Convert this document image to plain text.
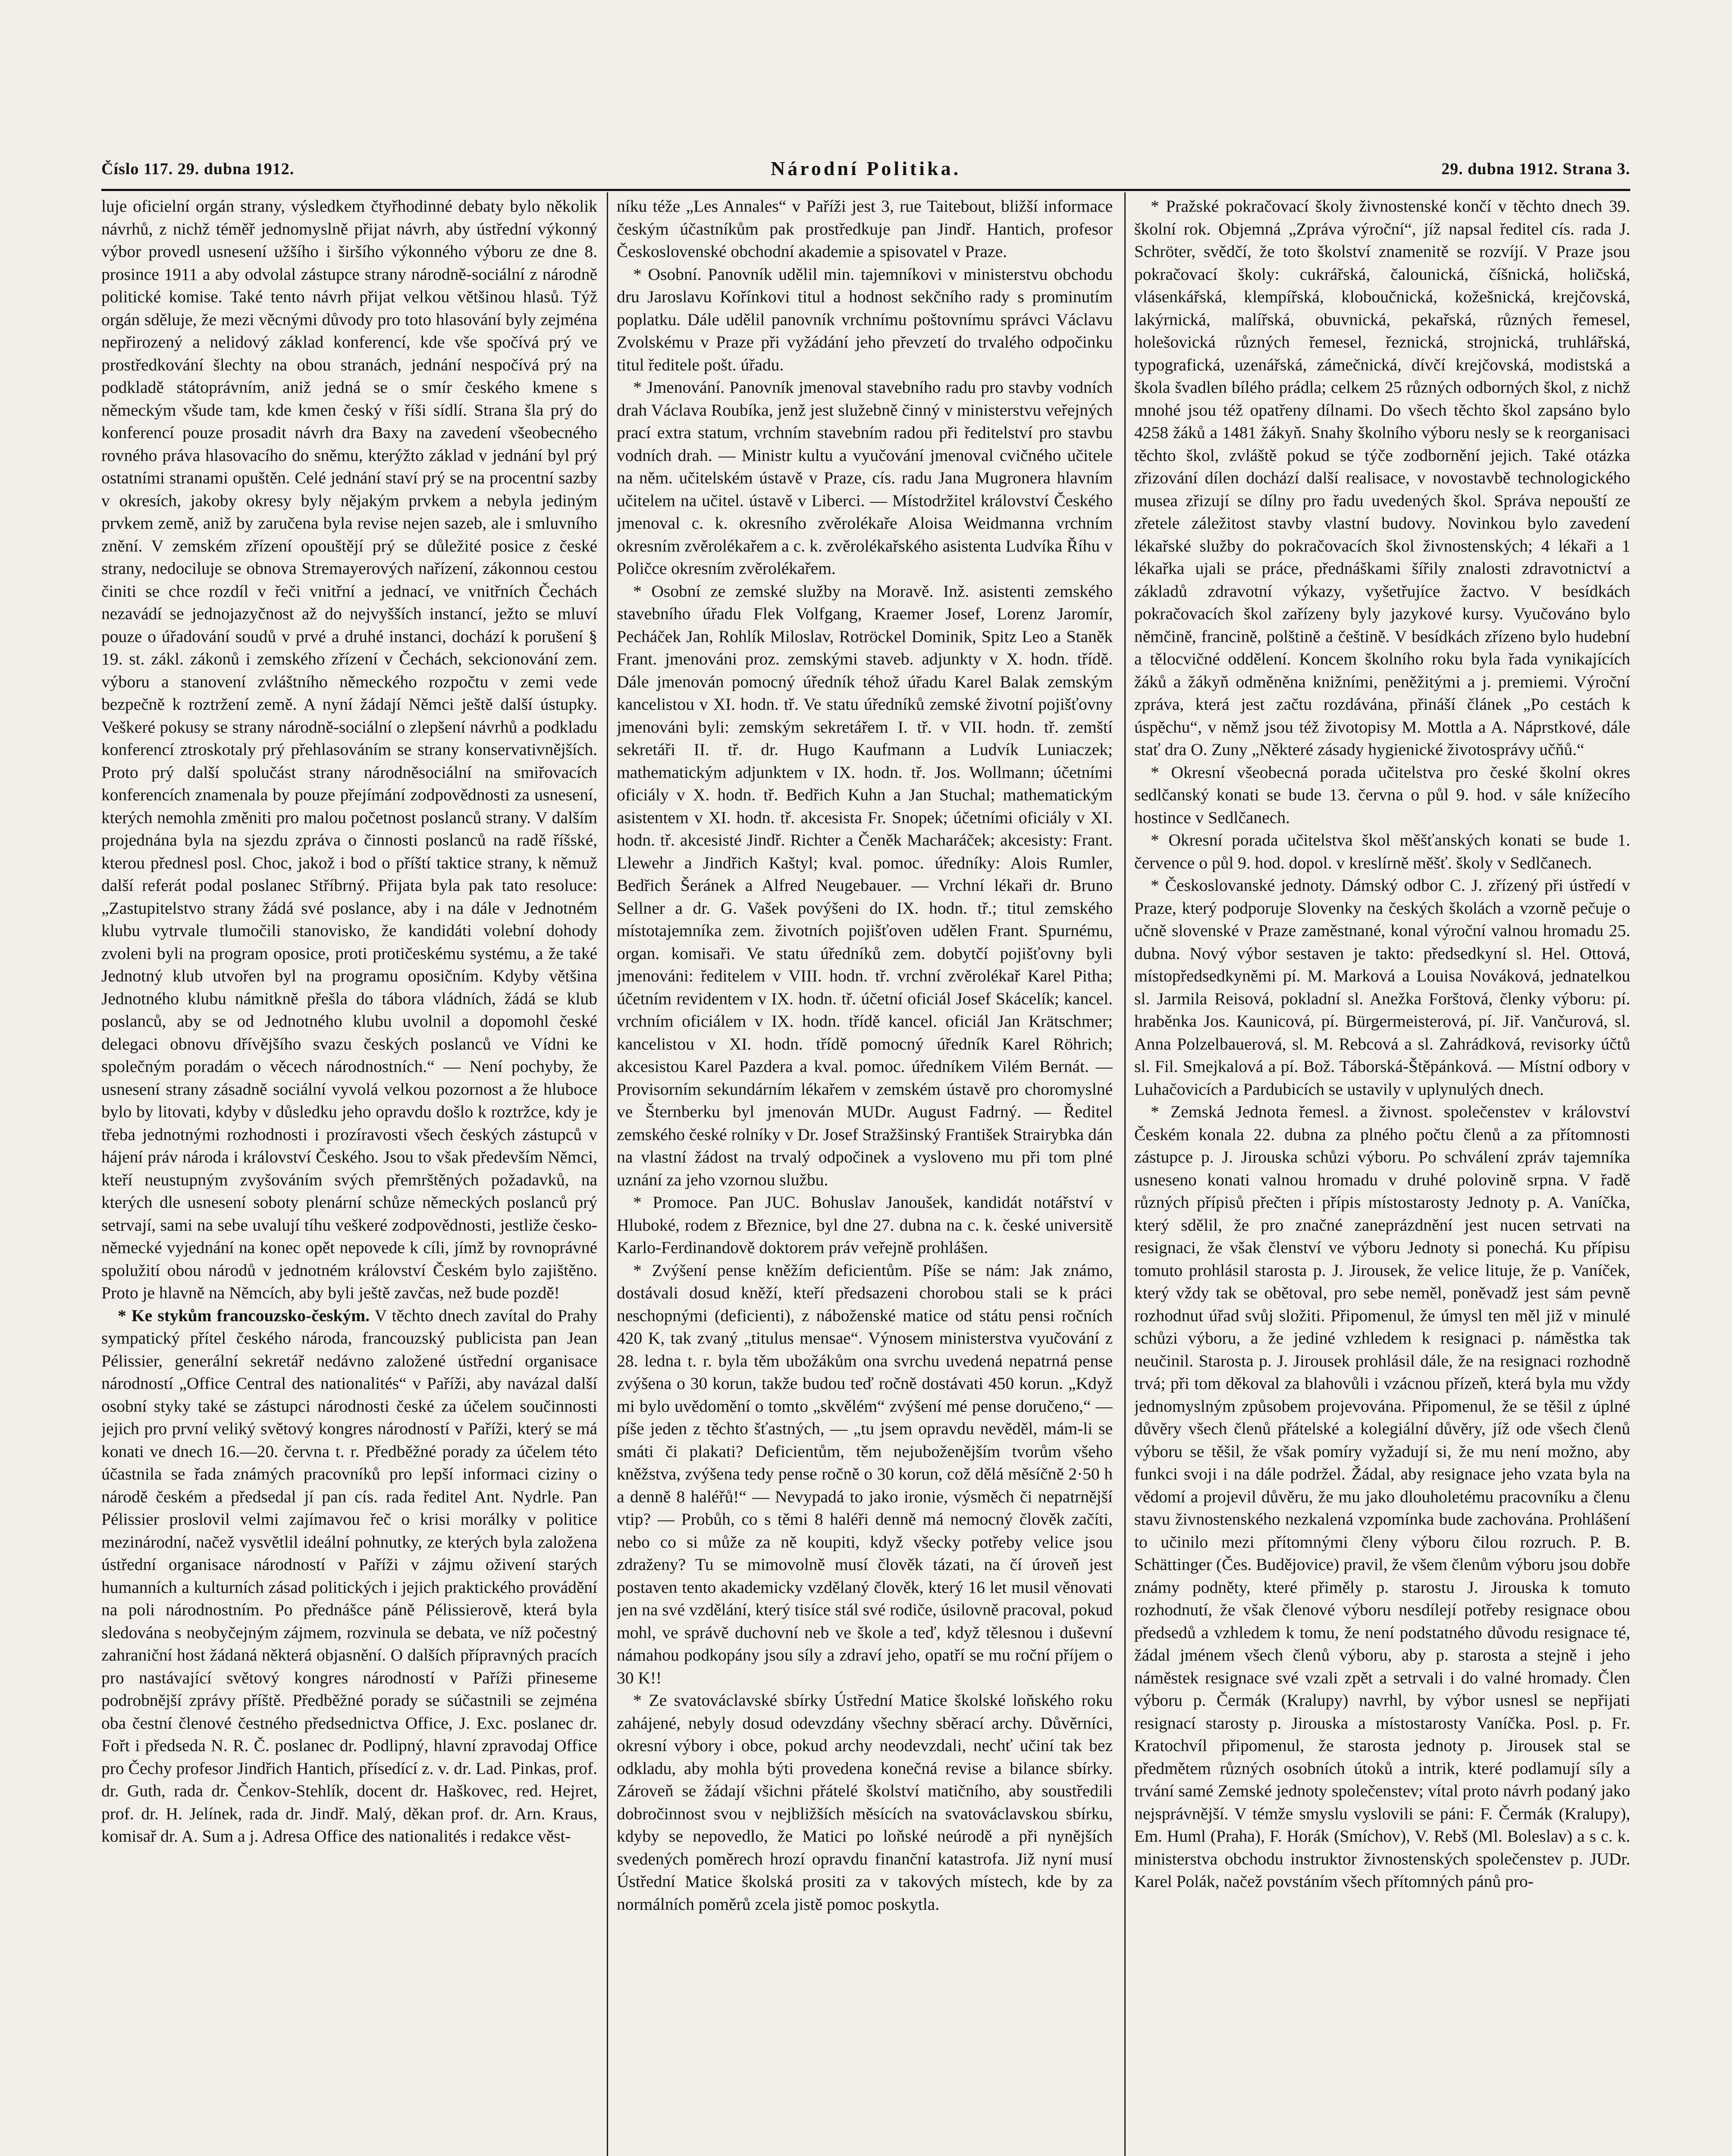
Číslo 117. 29. dubna 1912.	Národní Politika.	29. dubna 1912. Strana 3.

luje oficielní orgán strany, výsledkem čtyřhodinné debaty bylo několik návrhů, z nichž téměř jednomyslně přijat návrh, aby ústřední výkonný výbor provedl usnesení užšího i širšího výkonného výboru ze dne 8. prosince 1911 a aby odvolal zástupce strany národně-sociální z národně politické komise. Také tento návrh přijat velkou většinou hlasů. Týž orgán sděluje, že mezi věcnými důvody pro toto hlasování byly zejména nepřirozený a nelidový základ konferencí, kde vše spočívá prý ve prostředkování šlechty na obou stranách, jednání nespočívá prý na podkladě státoprávním, aniž jedná se o smír českého kmene s německým všude tam, kde kmen český v říši sídlí. Strana šla prý do konferencí pouze prosadit návrh dra Baxy na zavedení všeobecného rovného práva hlasovacího do sněmu, kterýžto základ v jednání byl prý ostatními stranami opuštěn. Celé jednání staví prý se na procentní sazby v okresích, jakoby okresy byly nějakým prvkem a nebyla jediným prvkem země, aniž by zaručena byla revise nejen sazeb, ale i smluvního znění. V zemském zřízení opouštějí prý se důležité posice z české strany, nedociluje se obnova Stremayerových nařízení, zákonnou cestou činiti se chce rozdíl v řeči vnitřní a jednací, ve vnitřních Čechách nezavádí se jednojazyčnost až do nejvyšších instancí, ježto se mluví pouze o úřadování soudů v prvé a druhé instanci, dochází k porušení § 19. st. zákl. zákonů i zemského zřízení v Čechách, sekcionování zem. výboru a stanovení zvláštního německého rozpočtu v zemi vede bezpečně k roztržení země. A nyní žádají Němci ještě další ústupky. Veškeré pokusy se strany národně-sociální o zlepšení návrhů a podkladu konferencí ztroskotaly prý přehlasováním se strany konservativnějších. Proto prý další spolučást strany národněsociální na smiřovacích konferencích znamenala by pouze přejímání zodpovědnosti za usnesení, kterých nemohla změniti pro malou početnost poslanců strany. V dalším projednána byla na sjezdu zpráva o činnosti poslanců na radě říšské, kterou přednesl posl. Choc, jakož i bod o příští taktice strany, k němuž další referát podal poslanec Stříbrný. Přijata byla pak tato resoluce: „Zastupitelstvo strany žádá své poslance, aby i na dále v Jednotném klubu vytrvale tlumočili stanovisko, že kandidáti volební dohody zvoleni byli na program oposice, proti protičeskému systému, a že také Jednotný klub utvořen byl na programu oposičním. Kdyby většina Jednotného klubu námitkně přešla do tábora vládních, žádá se klub poslanců, aby se od Jednotného klubu uvolnil a dopomohl české delegaci obnovu dřívějšího svazu českých poslanců ve Vídni ke společným poradám o věcech národnostních.“ — Není pochyby, že usnesení strany zásadně sociální vyvolá velkou pozornost a že hluboce bylo by litovati, kdyby v důsledku jeho opravdu došlo k roztržce, kdy je třeba jednotnými rozhodnosti i prozíravosti všech českých zástupců v hájení práv národa i království Českého. Jsou to však především Němci, kteří neustupným zvyšováním svých přemrštěných požadavků, na kterých dle usnesení soboty plenární schůze německých poslanců prý setrvají, sami na sebe uvalují tíhu veškeré zodpovědnosti, jestliže česko-německé vyjednání na konec opět nepovede k cíli, jímž by rovnoprávné spolužití obou národů v jednotném království Českém bylo zajištěno. Proto je hlavně na Němcích, aby byli ještě zavčas, než bude pozdě!

* Ke stykům francouzsko-českým. V těchto dnech zavítal do Prahy sympatický přítel českého národa, francouzský publicista pan Jean Pélissier, generální sekretář nedávno založené ústřední organisace národností „Office Central des nationalités“ v Paříži, aby navázal další osobní styky také se zástupci národnosti české za účelem součinnosti jejich pro první veliký světový kongres národností v Paříži, který se má konati ve dnech 16.—20. června t. r. Předběžné porady za účelem této účastnila se řada známých pracovníků pro lepší informaci ciziny o národě českém a předsedal jí pan cís. rada ředitel Ant. Nydrle. Pan Pélissier proslovil velmi zajímavou řeč o krisi morálky v politice mezinárodní, načež vysvětlil ideální pohnutky, ze kterých byla založena ústřední organisace národností v Paříži v zájmu oživení starých humanních a kulturních zásad politických i jejich praktického provádění na poli národnostním. Po přednášce páně Pélissierově, která byla sledována s neobyčejným zájmem, rozvinula se debata, ve níž počestný zahraniční host žádaná některá objasnění. O dalších přípravných pracích pro nastávající světový kongres národností v Paříži přineseme podrobnější zprávy příště. Předběžné porady se súčastnili se zejména oba čestní členové čestného předsednictva Office, J. Exc. poslanec dr. Fořt i předseda N. R. Č. poslanec dr. Podlipný, hlavní zpravodaj Office pro Čechy profesor Jindřich Hantich, přísedící z. v. dr. Lad. Pinkas, prof. dr. Guth, rada dr. Čenkov-Stehlík, docent dr. Haškovec, red. Hejret, prof. dr. H. Jelínek, rada dr. Jindř. Malý, děkan prof. dr. Arn. Kraus, komisař dr. A. Sum a j. Adresa Office des nationalités i redakce věst-

níku téže „Les Annales“ v Paříži jest 3, rue Taitebout, bližší informace českým účastníkům pak prostředkuje pan Jindř. Hantich, profesor Československé obchodní akademie a spisovatel v Praze.

* Osobní. Panovník udělil min. tajemníkovi v ministerstvu obchodu dru Jaroslavu Kořínkovi titul a hodnost sekčního rady s prominutím poplatku. Dále udělil panovník vrchnímu poštovnímu správci Václavu Zvolskému v Praze při vyžádání jeho převzetí do trvalého odpočinku titul ředitele pošt. úřadu.

* Jmenování. Panovník jmenoval stavebního radu pro stavby vodních drah Václava Roubíka, jenž jest služebně činný v ministerstvu veřejných prací extra statum, vrchním stavebním radou při ředitelství pro stavbu vodních drah. — Ministr kultu a vyučování jmenoval cvičného učitele na něm. učitelském ústavě v Praze, cís. radu Jana Mugronera hlavním učitelem na učitel. ústavě v Liberci. — Místodržitel království Českého jmenoval c. k. okresního zvěrolékaře Aloisa Weidmanna vrchním okresním zvěrolékařem a c. k. zvěrolékařského asistenta Ludvíka Říhu v Poličce okresním zvěrolékařem.

* Osobní ze zemské služby na Moravě. Inž. asistenti zemského stavebního úřadu Flek Volfgang, Kraemer Josef, Lorenz Jaromír, Pecháček Jan, Rohlík Miloslav, Rotröckel Dominik, Spitz Leo a Staněk Frant. jmenováni proz. zemskými staveb. adjunkty v X. hodn. třídě. Dále jmenován pomocný úředník téhož úřadu Karel Balak zemským kancelistou v XI. hodn. tř. Ve statu úředníků zemské životní pojišťovny jmenováni byli: zemským sekretářem I. tř. v VII. hodn. tř. zemští sekretáři II. tř. dr. Hugo Kaufmann a Ludvík Luniaczek; mathematickým adjunktem v IX. hodn. tř. Jos. Wollmann; účetními oficiály v X. hodn. tř. Bedřich Kuhn a Jan Stuchal; mathematickým asistentem v XI. hodn. tř. akcesista Fr. Snopek; účetními oficiály v XI. hodn. tř. akcesisté Jindř. Richter a Čeněk Macharáček; akcesisty: Frant. Llewehr a Jindřich Kaštyl; kval. pomoc. úředníky: Alois Rumler, Bedřich Šeránek a Alfred Neugebauer. — Vrchní lékaři dr. Bruno Sellner a dr. G. Vašek povýšeni do IX. hodn. tř.; titul zemského místotajemníka zem. životních pojišťoven udělen Frant. Spurnému, organ. komisaři. Ve statu úředníků zem. dobytčí pojišťovny byli jmenováni: ředitelem v VIII. hodn. tř. vrchní zvěrolékař Karel Pitha; účetním revidentem v IX. hodn. tř. účetní oficiál Josef Skácelík; kancel. vrchním oficiálem v IX. hodn. třídě kancel. oficiál Jan Krätschmer; kancelistou v XI. hodn. třídě pomocný úředník Karel Röhrich; akcesistou Karel Pazdera a kval. pomoc. úředníkem Vilém Bernát. — Provisorním sekundárním lékařem v zemském ústavě pro choromyslné ve Šternberku byl jmenován MUDr. August Fadrný. — Ředitel zemského české rolníky v Dr. Josef Stražšinský František Strairybka dán na vlastní žádost na trvalý odpočinek a vysloveno mu při tom plné uznání za jeho vzornou službu.

* Promoce. Pan JUC. Bohuslav Janoušek, kandidát notářství v Hluboké, rodem z Březnice, byl dne 27. dubna na c. k. české universitě Karlo-Ferdinandově doktorem práv veřejně prohlášen.

* Zvýšení pense kněžím deficientům. Píše se nám: Jak známo, dostávali dosud kněží, kteří předsazeni chorobou stali se k práci neschopnými (deficienti), z náboženské matice od státu pensi ročních 420 K, tak zvaný „titulus mensae“. Výnosem ministerstva vyučování z 28. ledna t. r. byla těm ubožákům ona svrchu uvedená nepatrná pense zvýšena o 30 korun, takže budou teď ročně dostávati 450 korun. „Když mi bylo uvědomění o tomto „skvělém“ zvýšení mé pense doručeno,“ — píše jeden z těchto šťastných, — „tu jsem opravdu nevěděl, mám-li se smáti či plakati? Deficientům, těm nejuboženějším tvorům všeho kněžstva, zvýšena tedy pense ročně o 30 korun, což dělá měsíčně 2·50 h a denně 8 haléřů!“ — Nevypadá to jako ironie, výsměch či nepatrnější vtip? — Probůh, co s těmi 8 haléři denně má nemocný člověk začíti, nebo co si může za ně koupiti, když všecky potřeby velice jsou zdraženy? Tu se mimovolně musí člověk tázati, na čí úroveň jest postaven tento akademicky vzdělaný člověk, který 16 let musil věnovati jen na své vzdělání, který tisíce stál své rodiče, úsilovně pracoval, pokud mohl, ve správě duchovní neb ve škole a teď, když tělesnou i duševní námahou podkopány jsou síly a zdraví jeho, opatří se mu roční příjem o 30 K!!

* Ze svatováclavské sbírky Ústřední Matice školské loňského roku zahájené, nebyly dosud odevzdány všechny sběrací archy. Důvěrníci, okresní výbory i obce, pokud archy neodevzdali, nechť učiní tak bez odkladu, aby mohla býti provedena konečná revise a bilance sbírky. Zároveň se žádají všichni přátelé školství matičního, aby soustředili dobročinnost svou v nejbližších měsících na svatováclavskou sbírku, kdyby se nepovedlo, že Matici po loňské neúrodě a při nynějších svedených poměrech hrozí opravdu finanční katastrofa. Již nyní musí Ústřední Matice školská prositi za v takových místech, kde by za normálních poměrů zcela jistě pomoc poskytla.

* Pražské pokračovací školy živnostenské končí v těchto dnech 39. školní rok. Objemná „Zpráva výroční“, jíž napsal ředitel cís. rada J. Schröter, svědčí, že toto školství znamenitě se rozvíjí. V Praze jsou pokračovací školy: cukrářská, čalounická, číšnická, holičská, vlásenkářská, klempířská, kloboučnická, kožešnická, krejčovská, lakýrnická, malířská, obuvnická, pekařská, různých řemesel, holešovická různých řemesel, řeznická, strojnická, truhlářská, typografická, uzenářská, zámečnická, dívčí krejčovská, modistská a škola švadlen bílého prádla; celkem 25 různých odborných škol, z nichž mnohé jsou též opatřeny dílnami. Do všech těchto škol zapsáno bylo 4258 žáků a 1481 žákyň. Snahy školního výboru nesly se k reorganisaci těchto škol, zvláště pokud se týče zodbornění jejich. Také otázka zřizování dílen dochází další realisace, v novostavbě technologického musea zřizují se dílny pro řadu uvedených škol. Správa nepouští ze zřetele záležitost stavby vlastní budovy. Novinkou bylo zavedení lékařské služby do pokračovacích škol živnostenských; 4 lékaři a 1 lékařka ujali se práce, přednáškami šířily znalosti zdravotnictví a základů zdravotní výkazy, vyšetřujíce žactvo. V besídkách pokračovacích škol zařízeny byly jazykové kursy. Vyučováno bylo němčině, francině, polštině a češtině. V besídkách zřízeno bylo hudební a tělocvičné oddělení. Koncem školního roku byla řada vynikajících žáků a žákyň odměněna knižními, peněžitými a j. premiemi. Výroční zpráva, která jest začtu rozdávána, přináší článek „Po cestách k úspěchu“, v němž jsou též životopisy M. Mottla a A. Náprstkové, dále stať dra O. Zuny „Některé zásady hygienické životosprávy učňů.“

* Okresní všeobecná porada učitelstva pro české školní okres sedlčanský konati se bude 13. června o půl 9. hod. v sále knížecího hostince v Sedlčanech.

* Okresní porada učitelstva škol měšťanských konati se bude 1. července o půl 9. hod. dopol. v kreslírně měšť. školy v Sedlčanech.

* Českoslovanské jednoty. Dámský odbor C. J. zřízený při ústředí v Praze, který podporuje Slovenky na českých školách a vzorně pečuje o učně slovenské v Praze zaměstnané, konal výroční valnou hromadu 25. dubna. Nový výbor sestaven je takto: předsedkyní sl. Hel. Ottová, místopředsedkyněmi pí. M. Marková a Louisa Nováková, jednatelkou sl. Jarmila Reisová, pokladní sl. Anežka Forštová, členky výboru: pí. hraběnka Jos. Kaunicová, pí. Bürgermeisterová, pí. Jiř. Vančurová, sl. Anna Polzelbauerová, sl. M. Rebcová a sl. Zahrádková, revisorky účtů sl. Fil. Smejkalová a pí. Bož. Táborská-Štěpánková. — Místní odbory v Luhačovicích a Pardubicích se ustavily v uplynulých dnech.

* Zemská Jednota řemesl. a živnost. společenstev v království Českém konala 22. dubna za plného počtu členů a za přítomnosti zástupce p. J. Jirouska schůzi výboru. Po schválení zpráv tajemníka usneseno konati valnou hromadu v druhé polovině srpna. V řadě různých přípisů přečten i přípis místostarosty Jednoty p. A. Vaníčka, který sdělil, že pro značné zaneprázdnění jest nucen setrvati na resignaci, že však členství ve výboru Jednoty si ponechá. Ku přípisu tomuto prohlásil starosta p. J. Jirousek, že velice lituje, že p. Vaníček, který vždy tak se obětoval, pro sebe neměl, poněvadž jest sám pevně rozhodnut úřad svůj složiti. Připomenul, že úmysl ten měl již v minulé schůzi výboru, a že jediné vzhledem k resignaci p. náměstka tak neučinil. Starosta p. J. Jirousek prohlásil dále, že na resignaci rozhodně trvá; při tom děkoval za blahovůli i vzácnou přízeň, která byla mu vždy jednomyslným způsobem projevována. Připomenul, že se těšil z úplné důvěry všech členů přátelské a kolegiální důvěry, jíž ode všech členů výboru se těšil, že však pomíry vyžadují si, že mu není možno, aby funkci svoji i na dále podržel. Žádal, aby resignace jeho vzata byla na vědomí a projevil důvěru, že mu jako dlouholetému pracovníku a členu stavu živnostenského nezkalená vzpomínka bude zachována. Prohlášení to učinilo mezi přítomnými členy výboru čilou rozruch. P. B. Schättinger (Čes. Budějovice) pravil, že všem členům výboru jsou dobře známy podněty, které přiměly p. starostu J. Jirouska k tomuto rozhodnutí, že však členové výboru nesdílejí potřeby resignace obou předsedů a vzhledem k tomu, že není podstatného důvodu resignace té, žádal jménem všech členů výboru, aby p. starosta a stejně i jeho náměstek resignace své vzali zpět a setrvali i do valné hromady. Člen výboru p. Čermák (Kralupy) navrhl, by výbor usnesl se nepřijati resignací starosty p. Jirouska a místostarosty Vaníčka. Posl. p. Fr. Kratochvíl připomenul, že starosta jednoty p. Jirousek stal se předmětem různých osobních útoků a intrik, které podlamují síly a trvání samé Zemské jednoty společenstev; vítal proto návrh podaný jako nejsprávnější. V témže smyslu vyslovili se páni: F. Čermák (Kralupy), Em. Huml (Praha), F. Horák (Smíchov), V. Rebš (Ml. Boleslav) a s c. k. ministerstva obchodu instruktor živnostenských společenstev p. JUDr. Karel Polák, načež povstáním všech přítomných pánů pro-
